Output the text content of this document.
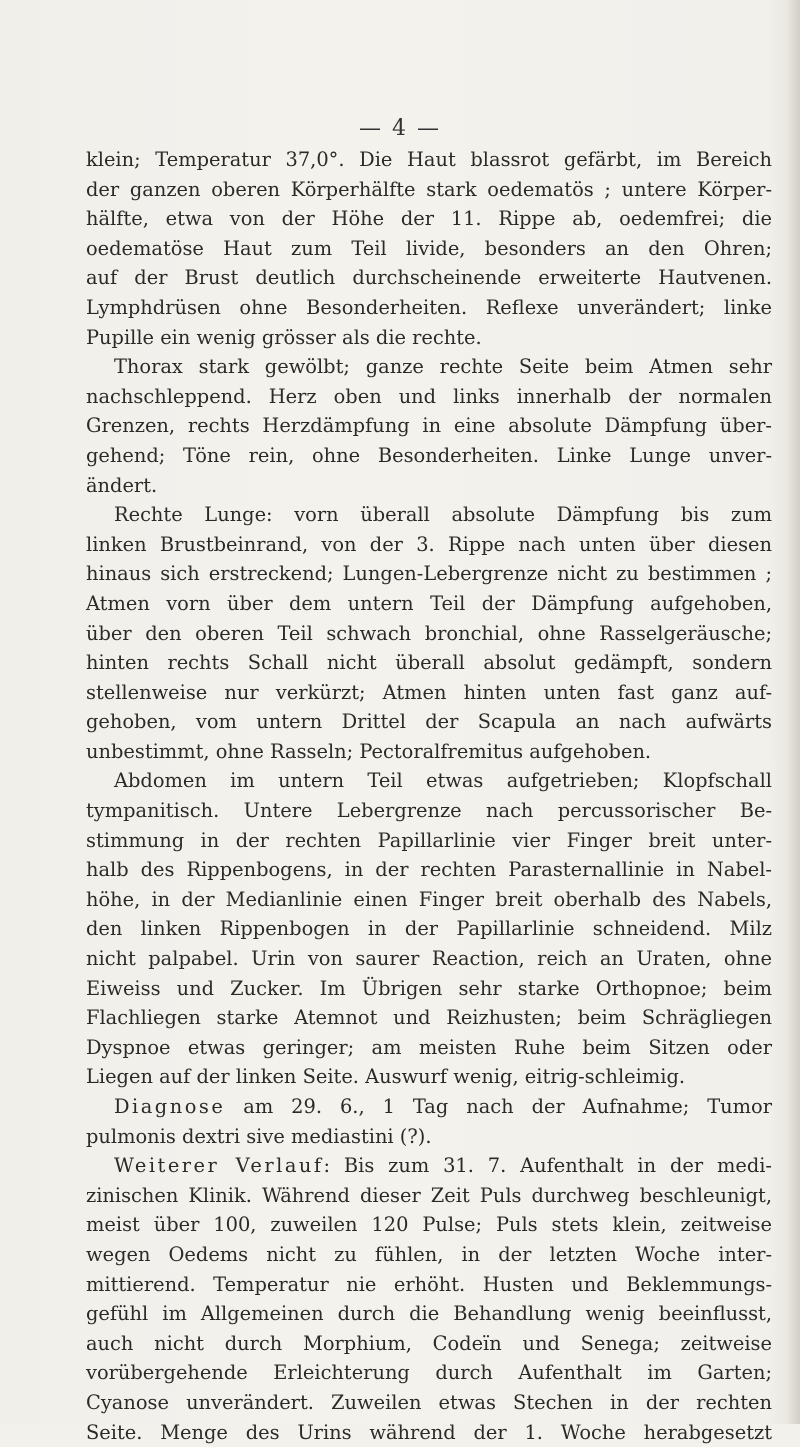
— 4 —
klein; Temperatur 37,0°. Die Haut blassrot gefärbt, im Bereich
der ganzen oberen Körperhälfte stark oedematös ; untere Körper-
hälfte, etwa von der Höhe der 11. Rippe ab, oedemfrei; die
oedematöse Haut zum Teil livide, besonders an den Ohren;
auf der Brust deutlich durchscheinende erweiterte Hautvenen.
Lymphdrüsen ohne Besonderheiten. Reflexe unverändert; linke
Pupille ein wenig grösser als die rechte.
Thorax stark gewölbt; ganze rechte Seite beim Atmen sehr
nachschleppend. Herz oben und links innerhalb der normalen
Grenzen, rechts Herzdämpfung in eine absolute Dämpfung über-
gehend; Töne rein, ohne Besonderheiten. Linke Lunge unver-
ändert.
Rechte Lunge: vorn überall absolute Dämpfung bis zum
linken Brustbeinrand, von der 3. Rippe nach unten über diesen
hinaus sich erstreckend; Lungen-Lebergrenze nicht zu bestimmen ;
Atmen vorn über dem untern Teil der Dämpfung aufgehoben,
über den oberen Teil schwach bronchial, ohne Rasselgeräusche;
hinten rechts Schall nicht überall absolut gedämpft, sondern
stellenweise nur verkürzt; Atmen hinten unten fast ganz auf-
gehoben, vom untern Drittel der Scapula an nach aufwärts
unbestimmt, ohne Rasseln; Pectoralfremitus aufgehoben.
Abdomen im untern Teil etwas aufgetrieben; Klopfschall
tympanitisch. Untere Lebergrenze nach percussorischer Be-
stimmung in der rechten Papillarlinie vier Finger breit unter-
halb des Rippenbogens, in der rechten Parasternallinie in Nabel-
höhe, in der Medianlinie einen Finger breit oberhalb des Nabels,
den linken Rippenbogen in der Papillarlinie schneidend. Milz
nicht palpabel. Urin von saurer Reaction, reich an Uraten, ohne
Eiweiss und Zucker. Im Übrigen sehr starke Orthopnoe; beim
Flachliegen starke Atemnot und Reizhusten; beim Schrägliegen
Dyspnoe etwas geringer; am meisten Ruhe beim Sitzen oder
Liegen auf der linken Seite. Auswurf wenig, eitrig-schleimig.
Diagnose am 29. 6., 1 Tag nach der Aufnahme; Tumor
pulmonis dextri sive mediastini (?).
Weiterer Verlauf: Bis zum 31. 7. Aufenthalt in der medi-
zinischen Klinik. Während dieser Zeit Puls durchweg beschleunigt,
meist über 100, zuweilen 120 Pulse; Puls stets klein, zeitweise
wegen Oedems nicht zu fühlen, in der letzten Woche inter-
mittierend. Temperatur nie erhöht. Husten und Beklemmungs-
gefühl im Allgemeinen durch die Behandlung wenig beeinflusst,
auch nicht durch Morphium, Codeïn und Senega; zeitweise
vorübergehende Erleichterung durch Aufenthalt im Garten;
Cyanose unverändert. Zuweilen etwas Stechen in der rechten
Seite. Menge des Urins während der 1. Woche herabgesetzt
